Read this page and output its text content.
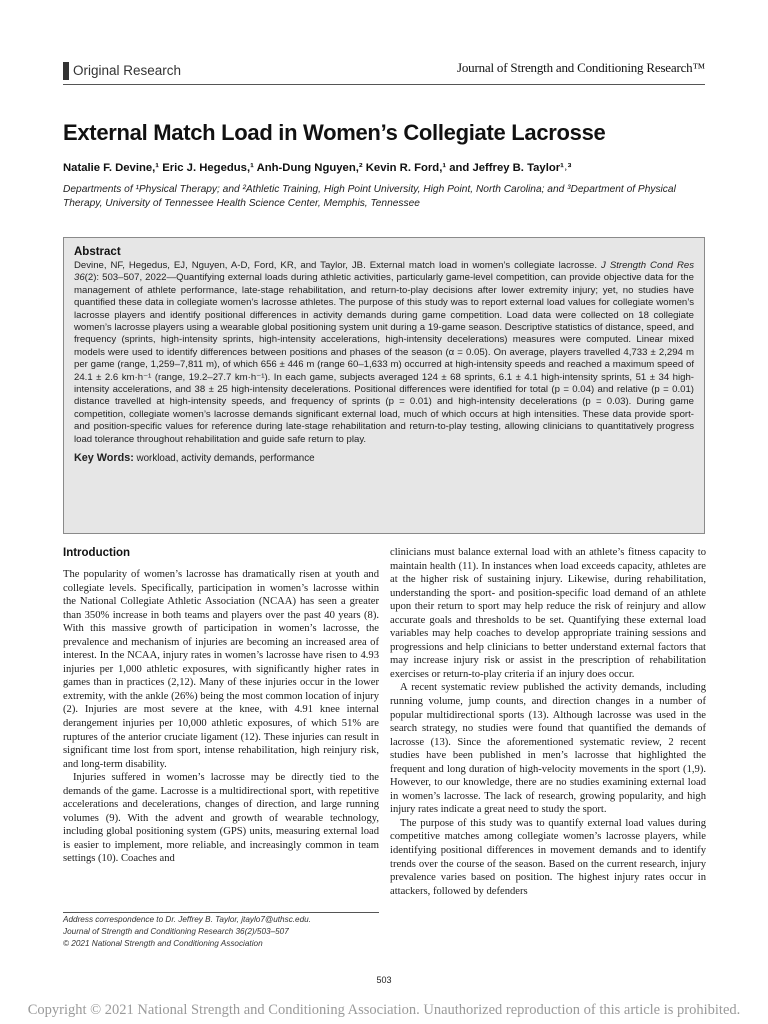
Original Research	Journal of Strength and Conditioning Research™
External Match Load in Women’s Collegiate Lacrosse
Natalie F. Devine,¹ Eric J. Hegedus,¹ Anh-Dung Nguyen,² Kevin R. Ford,¹ and Jeffrey B. Taylor¹˒³
Departments of ¹Physical Therapy; and ²Athletic Training, High Point University, High Point, North Carolina; and ³Department of Physical Therapy, University of Tennessee Health Science Center, Memphis, Tennessee
Abstract
Devine, NF, Hegedus, EJ, Nguyen, A-D, Ford, KR, and Taylor, JB. External match load in women’s collegiate lacrosse. J Strength Cond Res 36(2): 503–507, 2022—Quantifying external loads during athletic activities, particularly game-level competition, can provide objective data for the management of athlete performance, late-stage rehabilitation, and return-to-play decisions after lower extremity injury; yet, no studies have quantified these data in collegiate women’s lacrosse athletes. The purpose of this study was to report external load values for collegiate women’s lacrosse players and identify positional differences in activity demands during game competition. Load data were collected on 18 collegiate women’s lacrosse players using a wearable global positioning system unit during a 19-game season. Descriptive statistics of distance, speed, and frequency (sprints, high-intensity sprints, high-intensity accelerations, high-intensity decelerations) measures were computed. Linear mixed models were used to identify differences between positions and phases of the season (α = 0.05). On average, players travelled 4,733 ± 2,294 m per game (range, 1,259–7,811 m), of which 656 ± 446 m (range 60–1,633 m) occurred at high-intensity speeds and reached a maximum speed of 24.1 ± 2.6 km·h⁻¹ (range, 19.2–27.7 km·h⁻¹). In each game, subjects averaged 124 ± 68 sprints, 6.1 ± 4.1 high-intensity sprints, 51 ± 34 high-intensity accelerations, and 38 ± 25 high-intensity decelerations. Positional differences were identified for total (p = 0.04) and relative (p = 0.01) distance travelled at high-intensity speeds, and frequency of sprints (p = 0.01) and high-intensity decelerations (p = 0.03). During game competition, collegiate women’s lacrosse demands significant external load, much of which occurs at high intensities. These data provide sport- and position-specific values for reference during late-stage rehabilitation and return-to-play testing, allowing clinicians to quantitatively progress load tolerance throughout rehabilitation and guide safe return to play.
Key Words: workload, activity demands, performance
Introduction

The popularity of women’s lacrosse has dramatically risen at youth and collegiate levels. Specifically, participation in women’s lacrosse within the National Collegiate Athletic Association (NCAA) has seen a greater than 350% increase in both teams and players over the past 40 years (8). With this massive growth of participation in women’s lacrosse, the prevalence and mechanism of injuries are becoming an increased area of interest. In the NCAA, injury rates in women’s lacrosse have risen to 4.93 injuries per 1,000 athletic exposures, with significantly higher rates in games than in practices (2,12). Many of these injuries occur in the lower extremity, with the ankle (26%) being the most common location of injury (2). Injuries are most severe at the knee, with 4.91 knee internal derangement injuries per 10,000 athletic exposures, of which 51% are ruptures of the anterior cruciate ligament (12). These injuries can result in significant time lost from sport, intense rehabilitation, high reinjury risk, and long-term disability.

Injuries suffered in women’s lacrosse may be directly tied to the demands of the game. Lacrosse is a multidirectional sport, with repetitive accelerations and decelerations, changes of direction, and large running volumes (9). With the advent and growth of wearable technology, including global positioning system (GPS) units, measuring external load is easier to implement, more reliable, and increasingly common in team settings (10). Coaches and

clinicians must balance external load with an athlete’s fitness capacity to maintain health (11). In instances when load exceeds capacity, athletes are at the higher risk of sustaining injury. Likewise, during rehabilitation, understanding the sport- and position-specific load demand of an athlete upon their return to sport may help reduce the risk of reinjury and allow accurate goals and thresholds to be set. Quantifying these external load variables may help coaches to develop appropriate training sessions and progressions and help clinicians to better understand external factors that may increase injury risk or assist in the prescription of rehabilitation exercises or return-to-play criteria if an injury does occur.

A recent systematic review published the activity demands, including running volume, jump counts, and direction changes in a number of popular multidirectional sports (13). Although lacrosse was used in the search strategy, no studies were found that quantified the demands of lacrosse (13). Since the aforementioned systematic review, 2 recent studies have been published in men’s lacrosse that highlighted the frequent and long duration of high-velocity movements in the sport (1,9). However, to our knowledge, there are no studies examining external load in women’s lacrosse. The lack of research, growing popularity, and high injury rates indicate a great need to study the sport.

The purpose of this study was to quantify external load values during competitive matches among collegiate women’s lacrosse players, while identifying positional differences in movement demands and to identify trends over the course of the season. Based on the current research, injury prevalence varies based on position. The highest injury rates occur in attackers, followed by defenders

Address correspondence to Dr. Jeffrey B. Taylor, jtaylo7@uthsc.edu.
Journal of Strength and Conditioning Research 36(2)/503–507
© 2021 National Strength and Conditioning Association
503
Copyright © 2021 National Strength and Conditioning Association. Unauthorized reproduction of this article is prohibited.
